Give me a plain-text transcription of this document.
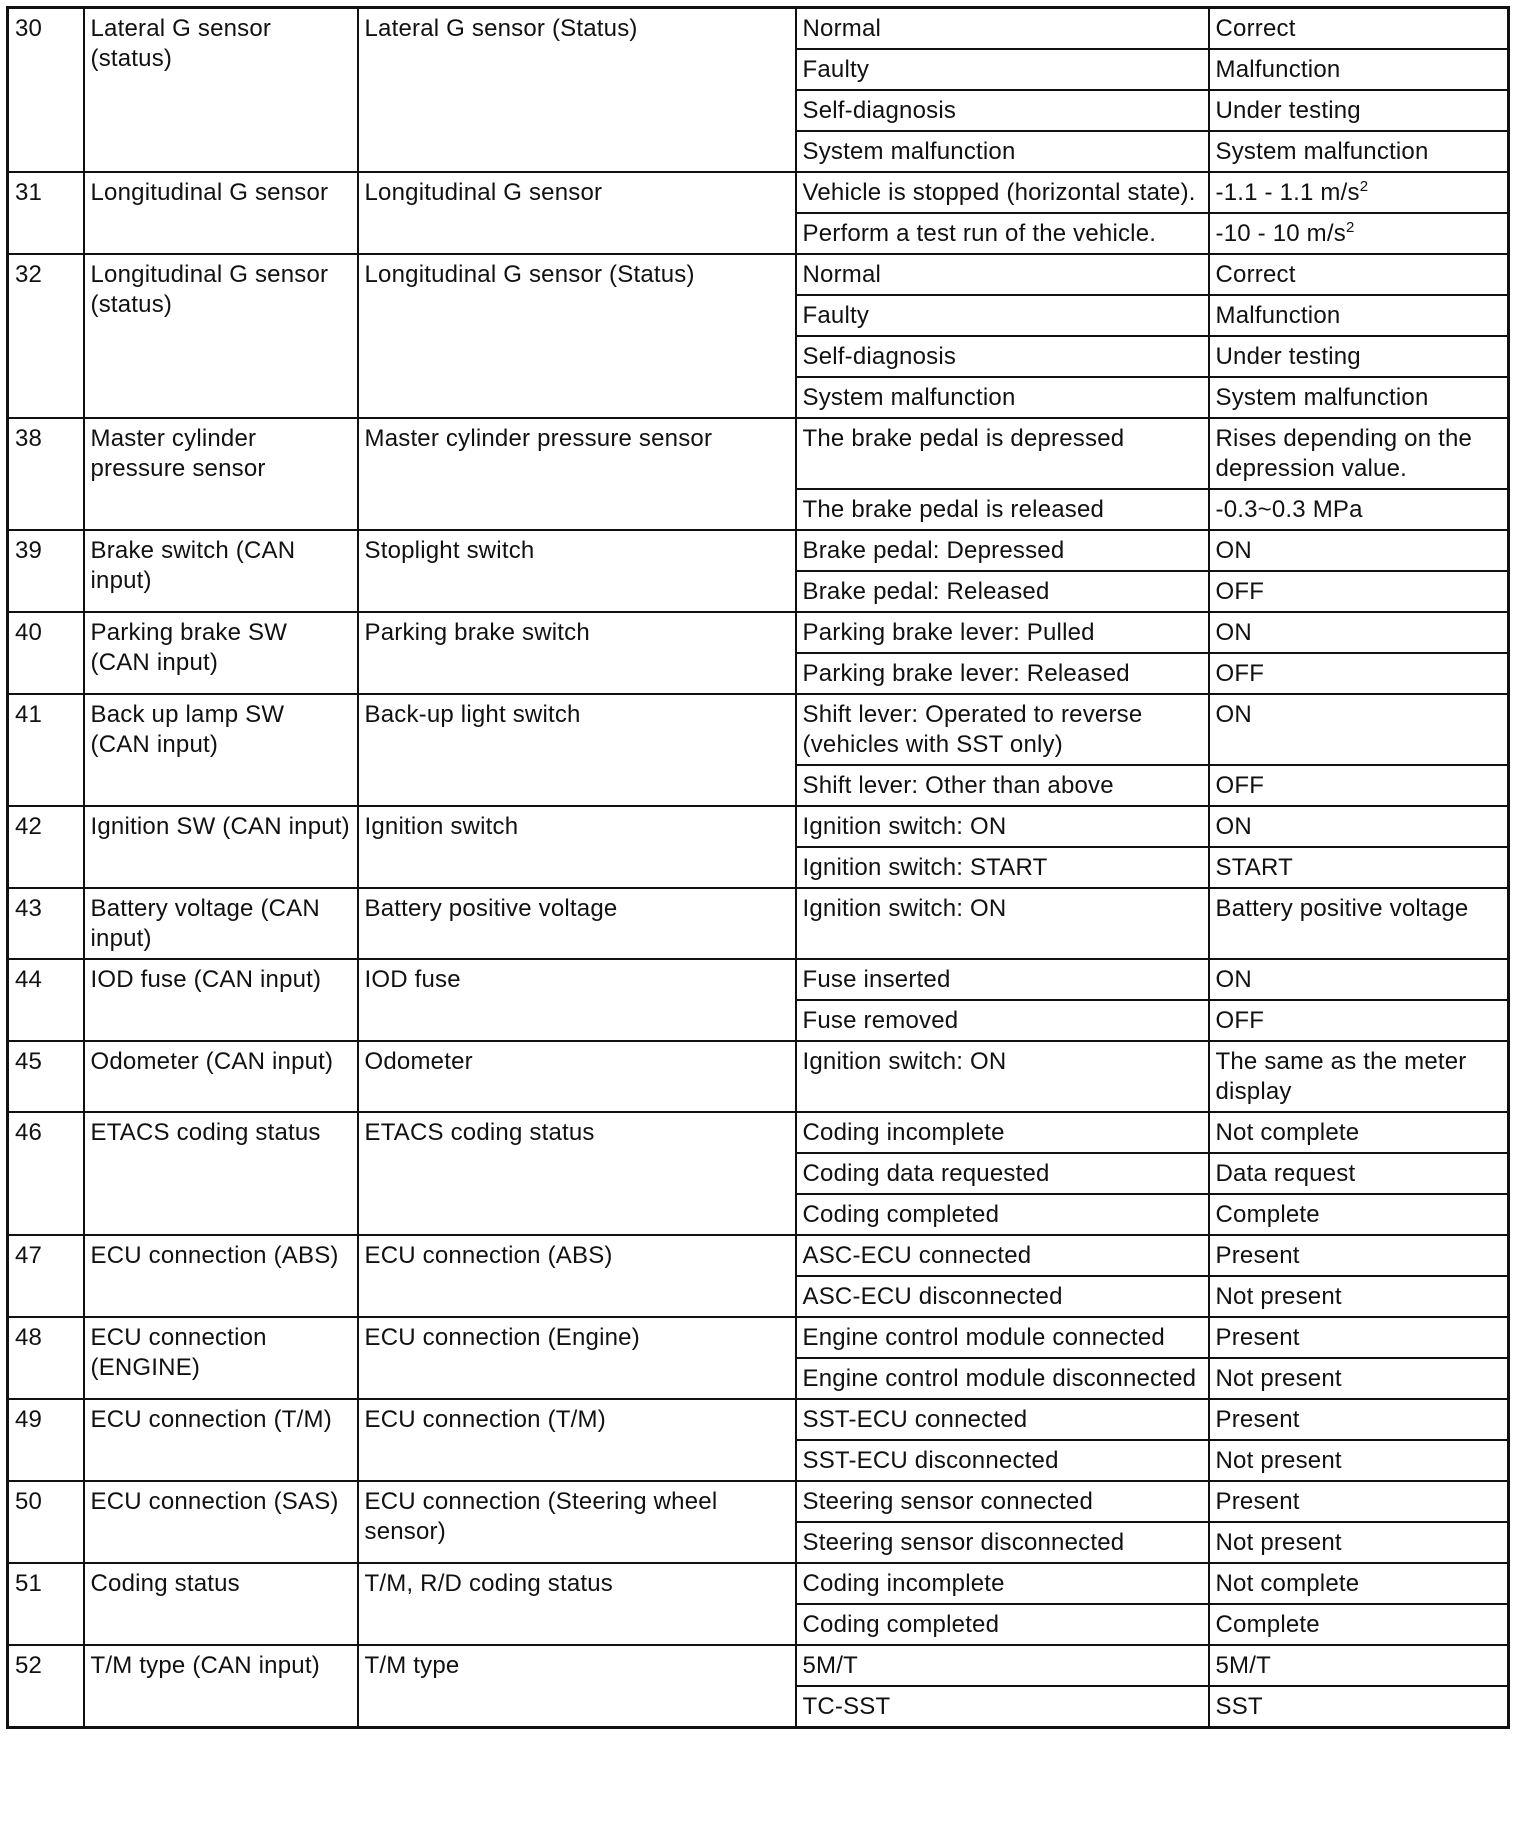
30	Lateral G sensor (status)	Lateral G sensor (Status)	Normal	Correct
			Faulty	Malfunction
			Self-diagnosis	Under testing
			System malfunction	System malfunction
31	Longitudinal G sensor	Longitudinal G sensor	Vehicle is stopped (horizontal state).	-1.1 - 1.1 $m/s^2$
			Perform a test run of the vehicle.	-10 - 10 $m/s^2$
32	Longitudinal G sensor (status)	Longitudinal G sensor (Status)	Normal	Correct
			Faulty	Malfunction
			Self-diagnosis	Under testing
			System malfunction	System malfunction
38	Master cylinder pressure sensor	Master cylinder pressure sensor	The brake pedal is depressed	Rises depending on the depression value.
			The brake pedal is released	-0.3~0.3 MPa
39	Brake switch (CAN input)	Stoplight switch	Brake pedal: Depressed	ON
			Brake pedal: Released	OFF
40	Parking brake SW (CAN input)	Parking brake switch	Parking brake lever: Pulled	ON
			Parking brake lever: Released	OFF
41	Back up lamp SW (CAN input)	Back-up light switch	Shift lever: Operated to reverse (vehicles with SST only)	ON
			Shift lever: Other than above	OFF
42	Ignition SW (CAN input)	Ignition switch	Ignition switch: ON	ON
			Ignition switch: START	START
43	Battery voltage (CAN input)	Battery positive voltage	Ignition switch: ON	Battery positive voltage
44	IOD fuse (CAN input)	IOD fuse	Fuse inserted	ON
			Fuse removed	OFF
45	Odometer (CAN input)	Odometer	Ignition switch: ON	The same as the meter display
46	ETACS coding status	ETACS coding status	Coding incomplete	Not complete
			Coding data requested	Data request
			Coding completed	Complete
47	ECU connection (ABS)	ECU connection (ABS)	ASC-ECU connected	Present
			ASC-ECU disconnected	Not present
48	ECU connection (ENGINE)	ECU connection (Engine)	Engine control module connected	Present
			Engine control module disconnected	Not present
49	ECU connection (T/M)	ECU connection (T/M)	SST-ECU connected	Present
			SST-ECU disconnected	Not present
50	ECU connection (SAS)	ECU connection (Steering wheel sensor)	Steering sensor connected	Present
			Steering sensor disconnected	Not present
51	Coding status	T/M, R/D coding status	Coding incomplete	Not complete
			Coding completed	Complete
52	T/M type (CAN input)	T/M type	5M/T	5M/T
			TC-SST	SST
